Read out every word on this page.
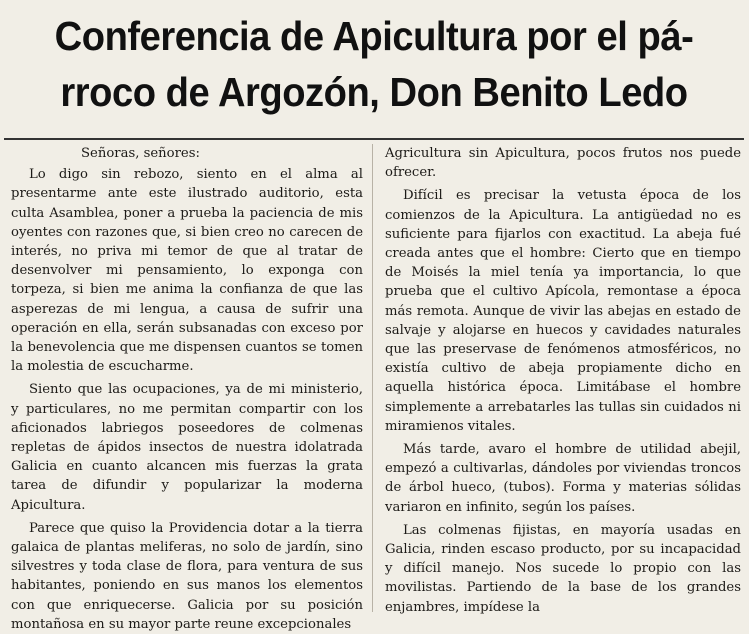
Conferencia de Apicultura por el pá-
rroco de Argozón, Don Benito Ledo

Señoras, señores:

Lo digo sin rebozo, siento en el alma al presentarme ante este ilustrado auditorio, esta culta Asamblea, poner a prueba la paciencia de mis oyentes con razones que, si bien creo no carecen de interés, no priva mi temor de que al tratar de desenvolver mi pensamiento, lo exponga con torpeza, si bien me anima la confianza de que las asperezas de mi lengua, a causa de sufrir una operación en ella, serán subsanadas con exceso por la benevolencia que me dispensen cuantos se tomen la molestia de escucharme.

Siento que las ocupaciones, ya de mi ministerio, y particulares, no me permitan compartir con los aficionados labriegos poseedores de colmenas repletas de ápidos insectos de nuestra idolatrada Galicia en cuanto alcancen mis fuerzas la grata tarea de difundir y popularizar la moderna Apicultura.

Parece que quiso la Providencia dotar a la tierra galaica de plantas meliferas, no solo de jardín, sino silvestres y toda clase de flora, para ventura de sus habitantes, poniendo en sus manos los elementos con que enriquecerse. Galicia por su posición montañosa en su mayor parte reune excepcionales

Agricultura sin Apicultura, pocos frutos nos puede ofrecer.

Difícil es precisar la vetusta época de los comienzos de la Apicultura. La antigüedad no es suficiente para fijarlos con exactitud. La abeja fué creada antes que el hombre: Cierto que en tiempo de Moisés la miel tenía ya importancia, lo que prueba que el cultivo Apícola, remontase a época más remota. Aunque de vivir las abejas en estado de salvaje y alojarse en huecos y cavidades naturales que las preservase de fenómenos atmosféricos, no existía cultivo de abeja propiamente dicho en aquella histórica época. Limitábase el hombre simplemente a arrebatarles las tullas sin cuidados ni miramienos vitales.

Más tarde, avaro el hombre de utilidad abejil, empezó a cultivarlas, dándoles por viviendas troncos de árbol hueco, (tubos). Forma y materias sólidas variaron en infinito, según los países.

Las colmenas fijistas, en mayoría usadas en Galicia, rinden escaso producto, por su incapacidad y difícil manejo. Nos sucede lo propio con las movilistas. Partiendo de la base de los grandes enjambres, impídese la
